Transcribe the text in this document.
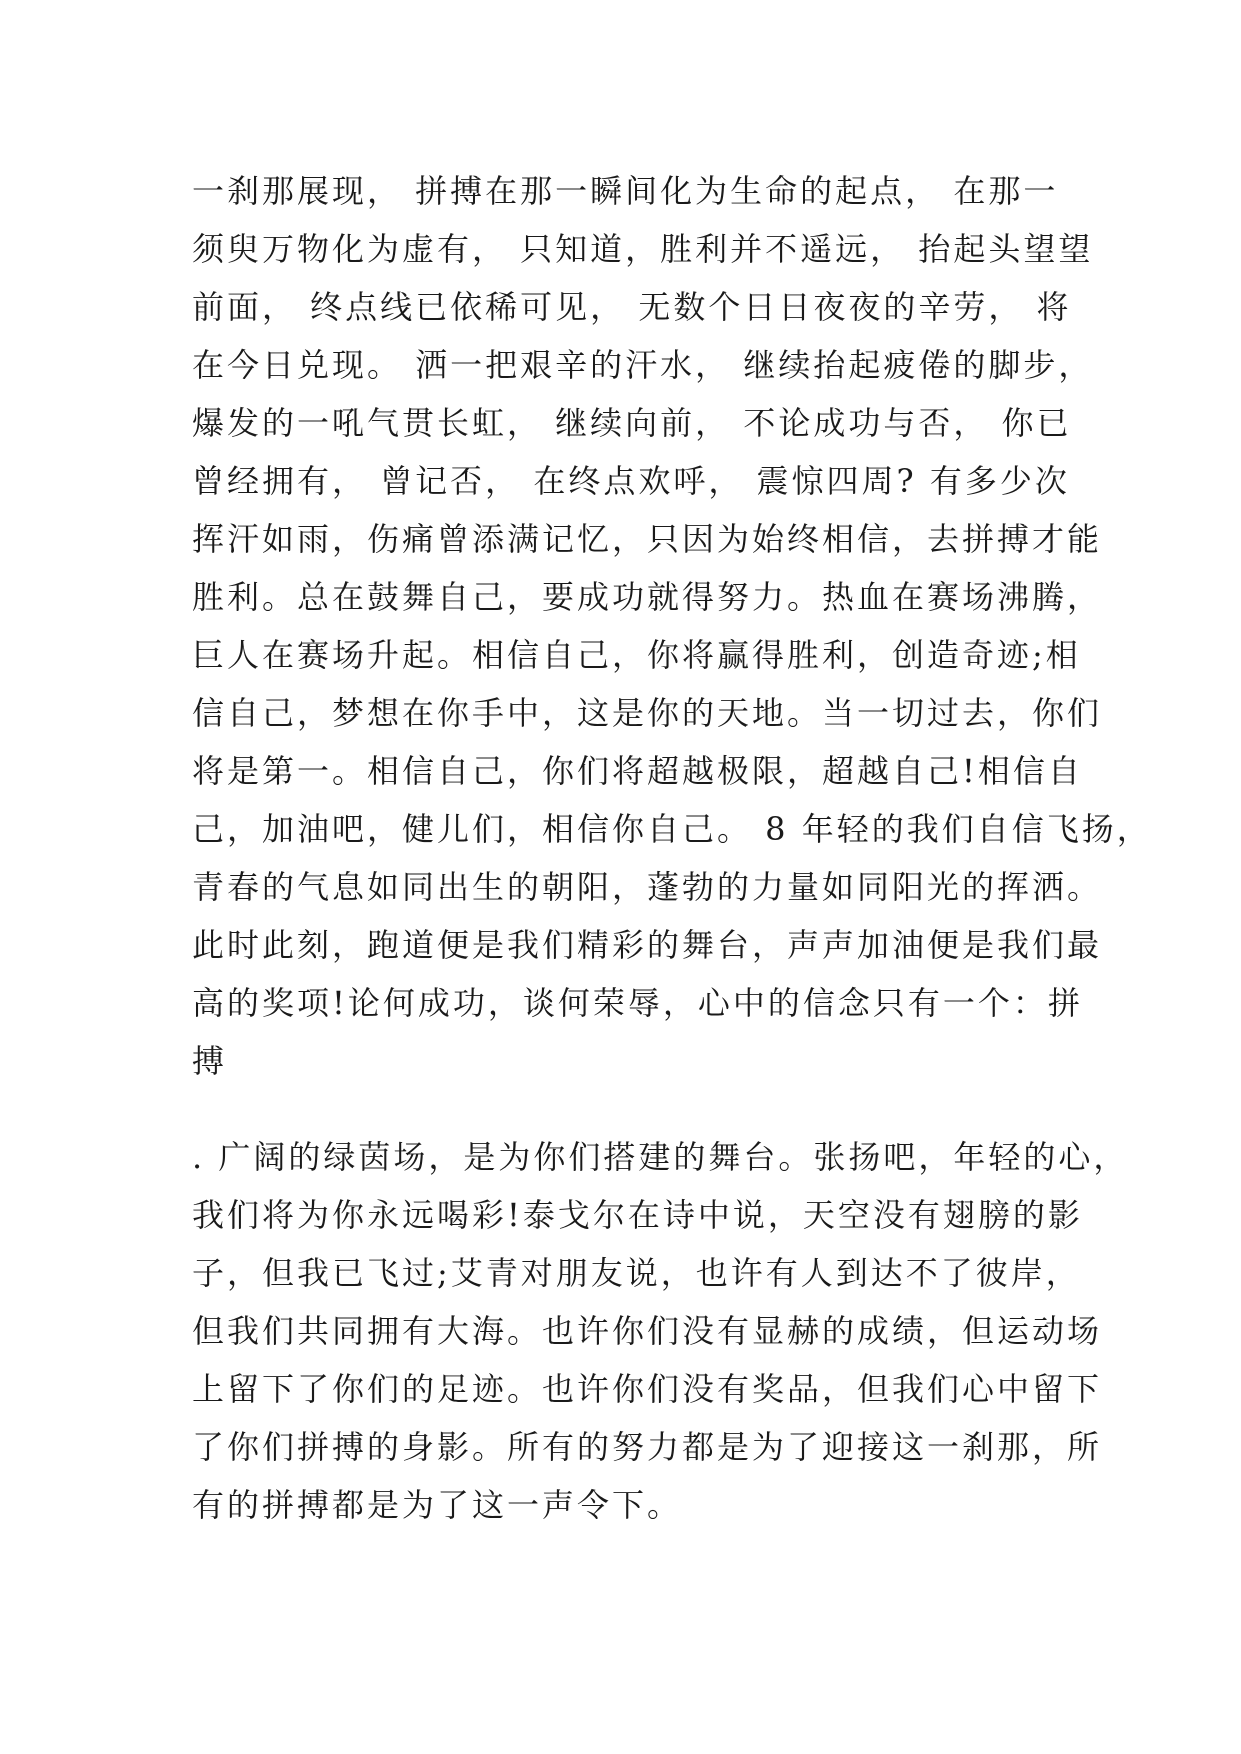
一刹那展现， 拼搏在那一瞬间化为生命的起点， 在那一
须臾万物化为虚有， 只知道，胜利并不遥远， 抬起头望望
前面， 终点线已依稀可见， 无数个日日夜夜的辛劳， 将
在今日兑现。 洒一把艰辛的汗水， 继续抬起疲倦的脚步，
爆发的一吼气贯长虹， 继续向前， 不论成功与否， 你已
曾经拥有， 曾记否， 在终点欢呼， 震惊四周? 有多少次
挥汗如雨，伤痛曾添满记忆，只因为始终相信，去拼搏才能
胜利。总在鼓舞自己，要成功就得努力。热血在赛场沸腾，
巨人在赛场升起。相信自己，你将赢得胜利，创造奇迹;相
信自己，梦想在你手中，这是你的天地。当一切过去，你们
将是第一。相信自己，你们将超越极限，超越自己!相信自
己，加油吧，健儿们，相信你自己。 8 年轻的我们自信飞扬，
青春的气息如同出生的朝阳，蓬勃的力量如同阳光的挥洒。
此时此刻，跑道便是我们精彩的舞台，声声加油便是我们最
高的奖项!论何成功，谈何荣辱，心中的信念只有一个：拼
搏
. 广阔的绿茵场，是为你们搭建的舞台。张扬吧，年轻的心，
我们将为你永远喝彩!泰戈尔在诗中说，天空没有翅膀的影
子，但我已飞过;艾青对朋友说，也许有人到达不了彼岸，
但我们共同拥有大海。也许你们没有显赫的成绩，但运动场
上留下了你们的足迹。也许你们没有奖品，但我们心中留下
了你们拼搏的身影。所有的努力都是为了迎接这一刹那，所
有的拼搏都是为了这一声令下。
